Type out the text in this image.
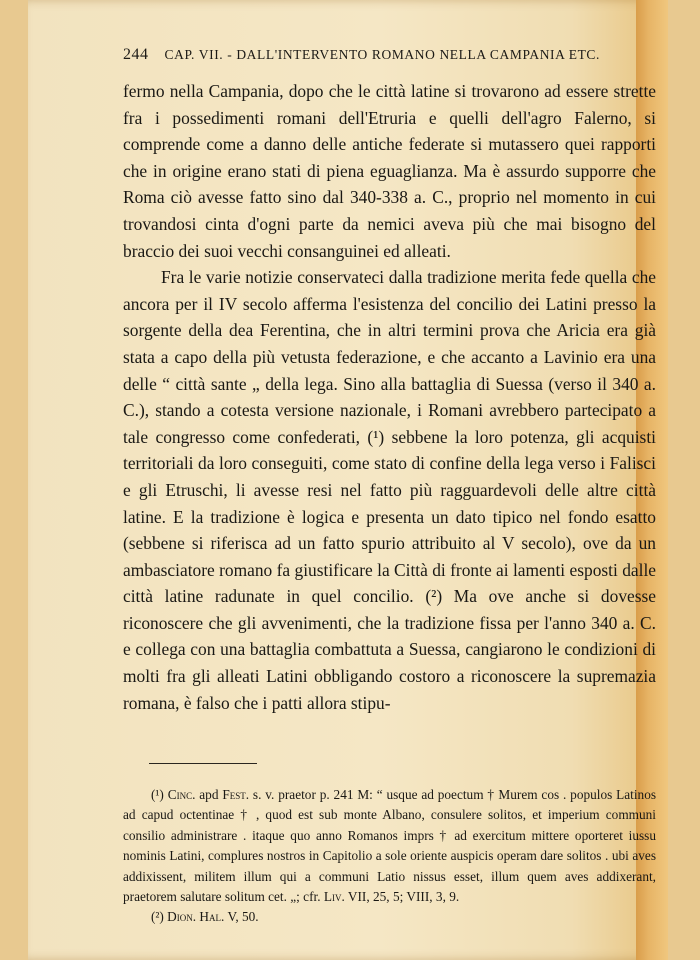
244 CAP. VII. - DALL'INTERVENTO ROMANO NELLA CAMPANIA ETC.

fermo nella Campania, dopo che le città latine si trovarono ad essere strette fra i possedimenti romani dell'Etruria e quelli dell'agro Falerno, si comprende come a danno delle antiche federate si mutassero quei rapporti che in origine erano stati di piena eguaglianza. Ma è assurdo supporre che Roma ciò avesse fatto sino dal 340-338 a. C., proprio nel momento in cui trovandosi cinta d'ogni parte da nemici aveva più che mai bisogno del braccio dei suoi vecchi consanguinei ed alleati.

Fra le varie notizie conservateci dalla tradizione merita fede quella che ancora per il IV secolo afferma l'esistenza del concilio dei Latini presso la sorgente della dea Ferentina, che in altri termini prova che Aricia era già stata a capo della più vetusta federazione, e che accanto a Lavinio era una delle “ città sante „ della lega. Sino alla battaglia di Suessa (verso il 340 a. C.), stando a cotesta versione nazionale, i Romani avrebbero partecipato a tale congresso come confederati, (¹) sebbene la loro potenza, gli acquisti territoriali da loro conseguiti, come stato di confine della lega verso i Falisci e gli Etruschi, li avesse resi nel fatto più ragguardevoli delle altre città latine. E la tradizione è logica e presenta un dato tipico nel fondo esatto (sebbene si riferisca ad un fatto spurio attribuito al V secolo), ove da un ambasciatore romano fa giustificare la Città di fronte ai lamenti esposti dalle città latine radunate in quel concilio. (²) Ma ove anche si dovesse riconoscere che gli avvenimenti, che la tradizione fissa per l'anno 340 a. C. e collega con una battaglia combattuta a Suessa, cangiarono le condizioni di molti fra gli alleati Latini obbligando costoro a riconoscere la supremazia romana, è falso che i patti allora stipu-

(¹) Cinc. apd Fest. s. v. praetor p. 241 M: “ usque ad poectum † Murem cos . populos Latinos ad capud octentinae † , quod est sub monte Albano, consulere solitos, et imperium communi consilio administrare . itaque quo anno Romanos imprs † ad exercitum mittere oporteret iussu nominis Latini, complures nostros in Capitolio a sole oriente auspicis operam dare solitos . ubi aves addixissent, militem illum qui a communi Latio nissus esset, illum quem aves addixerant, praetorem salutare solitum cet. „; cfr. Liv. VII, 25, 5; VIII, 3, 9.

(²) Dion. Hal. V, 50.
